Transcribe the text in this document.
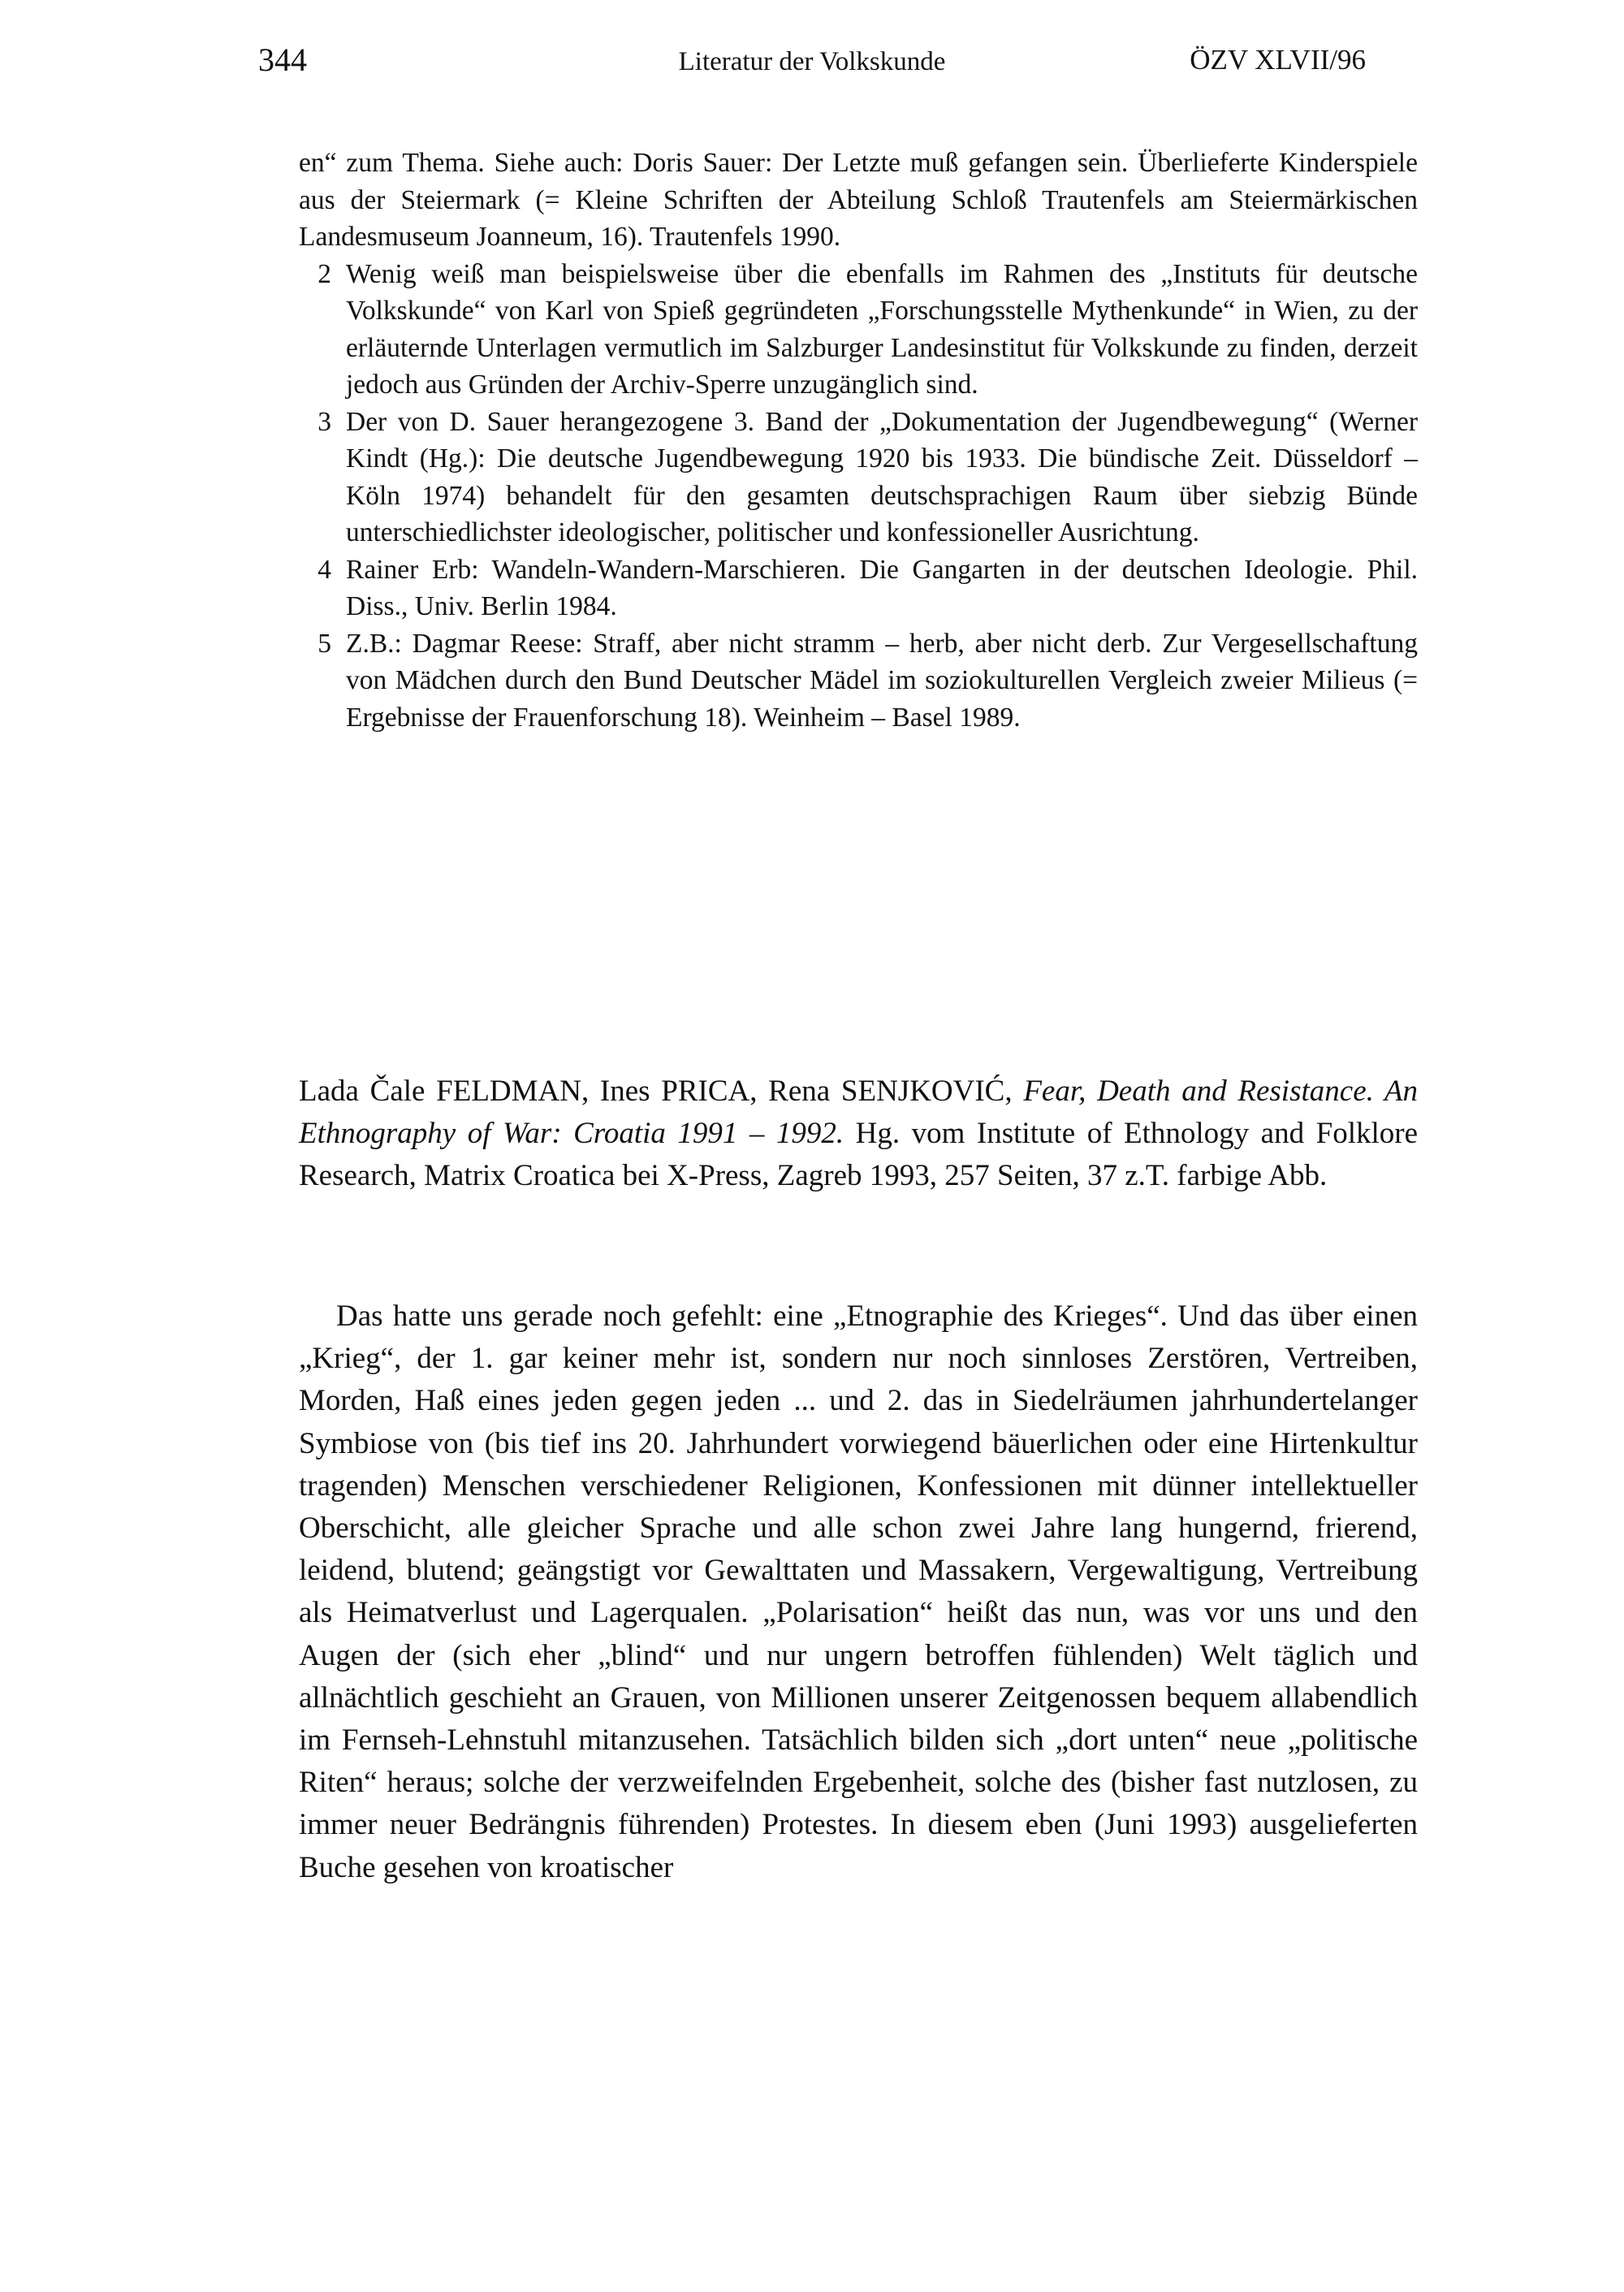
344	Literatur der Volkskunde	ÖZV XLVII/96

en“ zum Thema. Siehe auch: Doris Sauer: Der Letzte muß gefangen sein. Überlieferte Kinderspiele aus der Steiermark (= Kleine Schriften der Abteilung Schloß Trautenfels am Steiermärkischen Landesmuseum Joanneum, 16). Trautenfels 1990.

2 Wenig weiß man beispielsweise über die ebenfalls im Rahmen des „Instituts für deutsche Volkskunde“ von Karl von Spieß gegründeten „Forschungsstelle Mythenkunde“ in Wien, zu der erläuternde Unterlagen vermutlich im Salzburger Landesinstitut für Volkskunde zu finden, derzeit jedoch aus Gründen der Archiv-Sperre unzugänglich sind.
3 Der von D. Sauer herangezogene 3. Band der „Dokumentation der Jugendbewegung“ (Werner Kindt (Hg.): Die deutsche Jugendbewegung 1920 bis 1933. Die bündische Zeit. Düsseldorf – Köln 1974) behandelt für den gesamten deutschsprachigen Raum über siebzig Bünde unterschiedlichster ideologischer, politischer und konfessioneller Ausrichtung.
4 Rainer Erb: Wandeln-Wandern-Marschieren. Die Gangarten in der deutschen Ideologie. Phil. Diss., Univ. Berlin 1984.
5 Z.B.: Dagmar Reese: Straff, aber nicht stramm – herb, aber nicht derb. Zur Vergesellschaftung von Mädchen durch den Bund Deutscher Mädel im soziokulturellen Vergleich zweier Milieus (= Ergebnisse der Frauenforschung 18). Weinheim – Basel 1989.
Lada Čale FELDMAN, Ines PRICA, Rena SENJKOVIĆ, Fear, Death and Resistance. An Ethnography of War: Croatia 1991 – 1992. Hg. vom Institute of Ethnology and Folklore Research, Matrix Croatica bei X-Press, Zagreb 1993, 257 Seiten, 37 z.T. farbige Abb.

Das hatte uns gerade noch gefehlt: eine „Etnographie des Krieges“. Und das über einen „Krieg“, der 1. gar keiner mehr ist, sondern nur noch sinnloses Zerstören, Vertreiben, Morden, Haß eines jeden gegen jeden ... und 2. das in Siedelräumen jahrhundertelanger Symbiose von (bis tief ins 20. Jahrhundert vorwiegend bäuerlichen oder eine Hirtenkultur tragenden) Menschen verschiedener Religionen, Konfessionen mit dünner intellektueller Oberschicht, alle gleicher Sprache und alle schon zwei Jahre lang hungernd, frierend, leidend, blutend; geängstigt vor Gewalttaten und Massakern, Vergewaltigung, Vertreibung als Heimatverlust und Lagerqualen. „Polarisation“ heißt das nun, was vor uns und den Augen der (sich eher „blind“ und nur ungern betroffen fühlenden) Welt täglich und allnächtlich geschieht an Grauen, von Millionen unserer Zeitgenossen bequem allabendlich im Fernseh-Lehnstuhl mitanzusehen. Tatsächlich bilden sich „dort unten“ neue „politische Riten“ heraus; solche der verzweifelnden Ergebenheit, solche des (bisher fast nutzlosen, zu immer neuer Bedrängnis führenden) Protestes. In diesem eben (Juni 1993) ausgelieferten Buche gesehen von kroatischer
